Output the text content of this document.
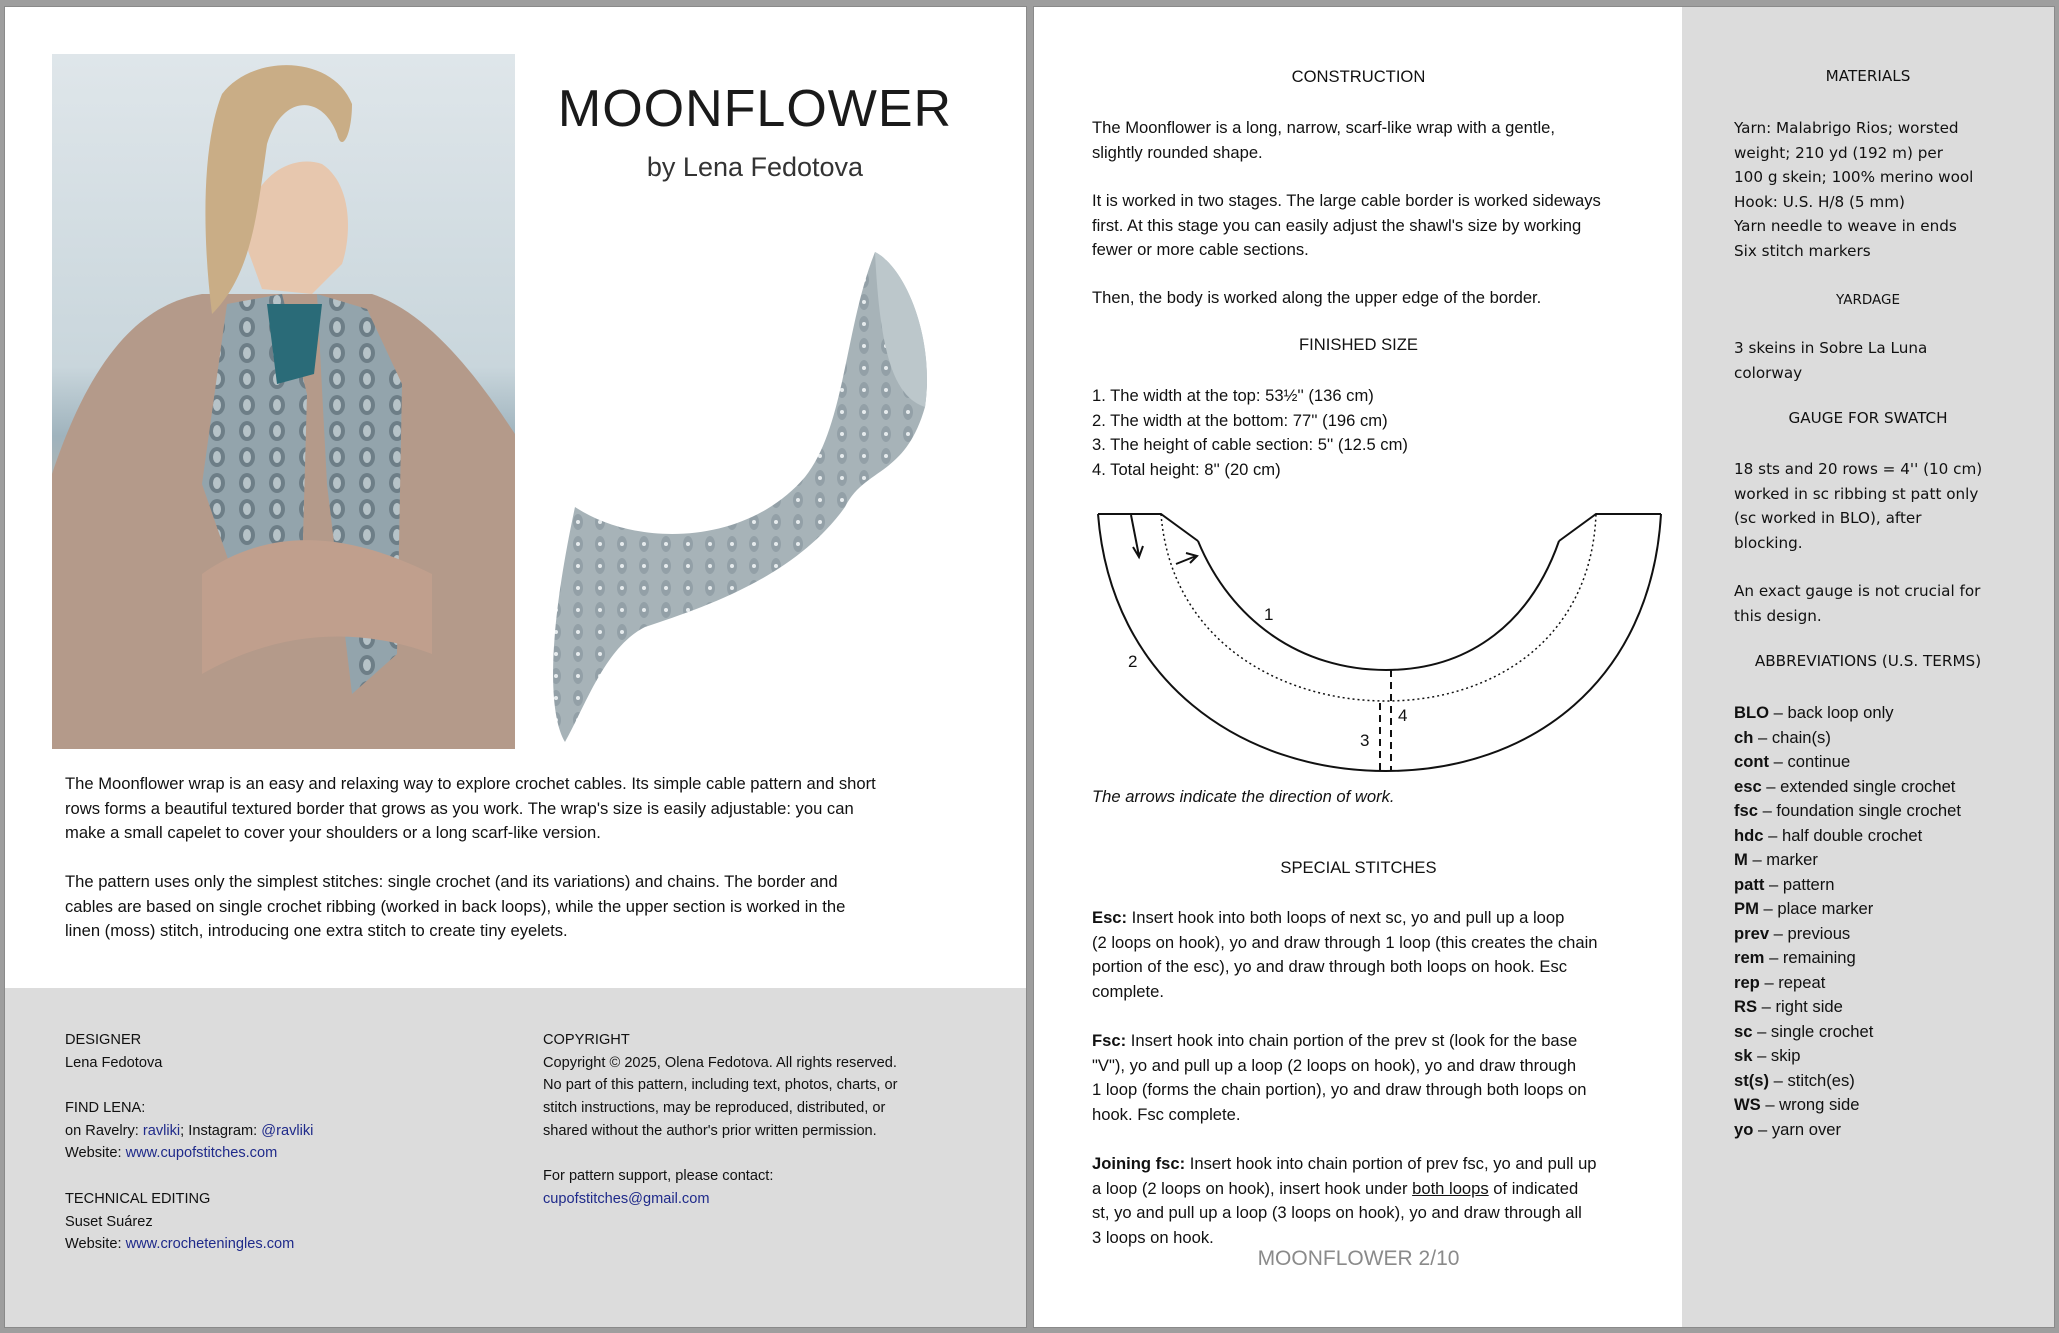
MOONFLOWER
by Lena Fedotova
The Moonflower wrap is an easy and relaxing way to explore crochet cables. Its simple cable pattern and short
rows forms a beautiful textured border that grows as you work. The wrap's size is easily adjustable: you can
make a small capelet to cover your shoulders or a long scarf-like version.
The pattern uses only the simplest stitches: single crochet (and its variations) and chains. The border and
cables are based on single crochet ribbing (worked in back loops), while the upper section is worked in the
linen (moss) stitch, introducing one extra stitch to create tiny eyelets.
DESIGNER
Lena Fedotova
FIND LENA:
on Ravelry: ravliki; Instagram: @ravliki
Website: www.cupofstitches.com
TECHNICAL EDITING
Suset Suárez
Website: www.crocheteningles.com
COPYRIGHT
Copyright © 2025, Olena Fedotova. All rights reserved.
No part of this pattern, including text, photos, charts, or
stitch instructions, may be reproduced, distributed, or
shared without the author's prior written permission.
For pattern support, please contact:
cupofstitches@gmail.com
CONSTRUCTION
The Moonflower is a long, narrow, scarf-like wrap with a gentle,
slightly rounded shape.
It is worked in two stages. The large cable border is worked sideways
first. At this stage you can easily adjust the shawl's size by working
fewer or more cable sections.
Then, the body is worked along the upper edge of the border.
FINISHED SIZE
1. The width at the top: 53½'' (136 cm)
2. The width at the bottom: 77'' (196 cm)
3. The height of cable section: 5'' (12.5 cm)
4. Total height: 8'' (20 cm)
1
2
3
4
The arrows indicate the direction of work.
SPECIAL STITCHES
Esc: Insert hook into both loops of next sc, yo and pull up a loop
(2 loops on hook), yo and draw through 1 loop (this creates the chain
portion of the esc), yo and draw through both loops on hook. Esc
complete.
Fsc: Insert hook into chain portion of the prev st (look for the base
"V"), yo and pull up a loop (2 loops on hook), yo and draw through
1 loop (forms the chain portion), yo and draw through both loops on
hook. Fsc complete.
Joining fsc: Insert hook into chain portion of prev fsc, yo and pull up
a loop (2 loops on hook), insert hook under both loops of indicated
st, yo and pull up a loop (3 loops on hook), yo and draw through all
3 loops on hook.
MOONFLOWER 2/10
MATERIALS
Yarn: Malabrigo Rios; worsted
weight; 210 yd (192 m) per
100 g skein; 100% merino wool
Hook: U.S. H/8 (5 mm)
Yarn needle to weave in ends
Six stitch markers
YARDAGE
3 skeins in Sobre La Luna
colorway
GAUGE FOR SWATCH
18 sts and 20 rows = 4'' (10 cm)
worked in sc ribbing st patt only
(sc worked in BLO), after
blocking.
An exact gauge is not crucial for
this design.
ABBREVIATIONS (U.S. TERMS)
BLO – back loop only
ch – chain(s)
cont – continue
esc – extended single crochet
fsc – foundation single crochet
hdc – half double crochet
M – marker
patt – pattern
PM – place marker
prev – previous
rem – remaining
rep – repeat
RS – right side
sc – single crochet
sk – skip
st(s) – stitch(es)
WS – wrong side
yo – yarn over
